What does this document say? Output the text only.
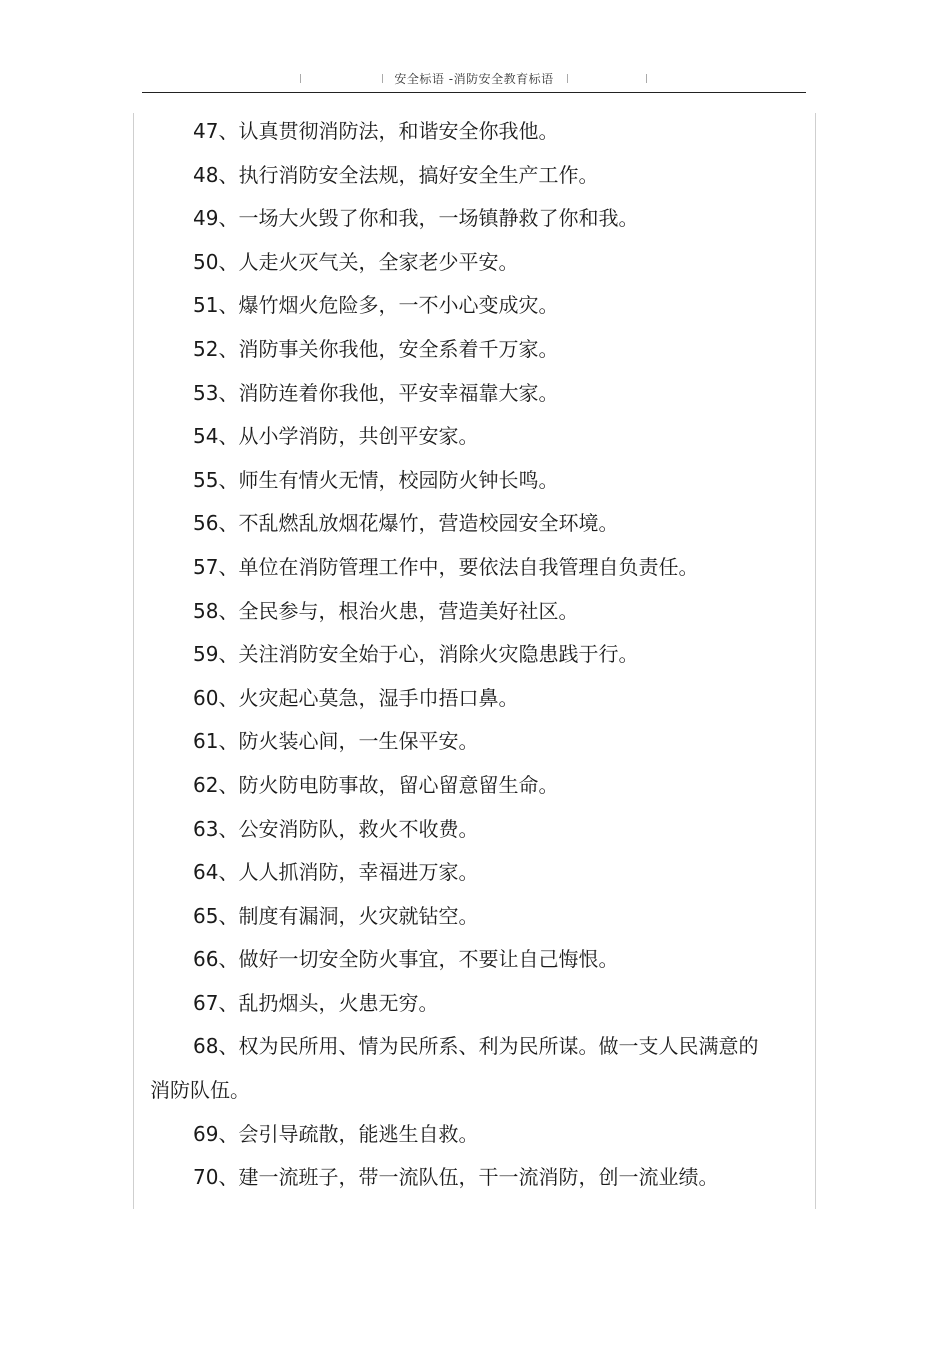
安全标语 -消防安全教育标语

47、认真贯彻消防法，和谐安全你我他。

48、执行消防安全法规，搞好安全生产工作。

49、一场大火毁了你和我，一场镇静救了你和我。

50、人走火灭气关，全家老少平安。

51、爆竹烟火危险多，一不小心变成灾。

52、消防事关你我他，安全系着千万家。

53、消防连着你我他，平安幸福靠大家。

54、从小学消防，共创平安家。

55、师生有情火无情，校园防火钟长鸣。

56、不乱燃乱放烟花爆竹，营造校园安全环境。

57、单位在消防管理工作中，要依法自我管理自负责任。

58、全民参与，根治火患，营造美好社区。

59、关注消防安全始于心，消除火灾隐患践于行。

60、火灾起心莫急，湿手巾捂口鼻。

61、防火装心间，一生保平安。

62、防火防电防事故，留心留意留生命。

63、公安消防队，救火不收费。

64、人人抓消防，幸福进万家。

65、制度有漏洞，火灾就钻空。

66、做好一切安全防火事宜，不要让自己悔恨。

67、乱扔烟头，火患无穷。

68、权为民所用、情为民所系、利为民所谋。做一支人民满意的消防队伍。

69、会引导疏散，能逃生自救。

70、建一流班子，带一流队伍，干一流消防，创一流业绩。
